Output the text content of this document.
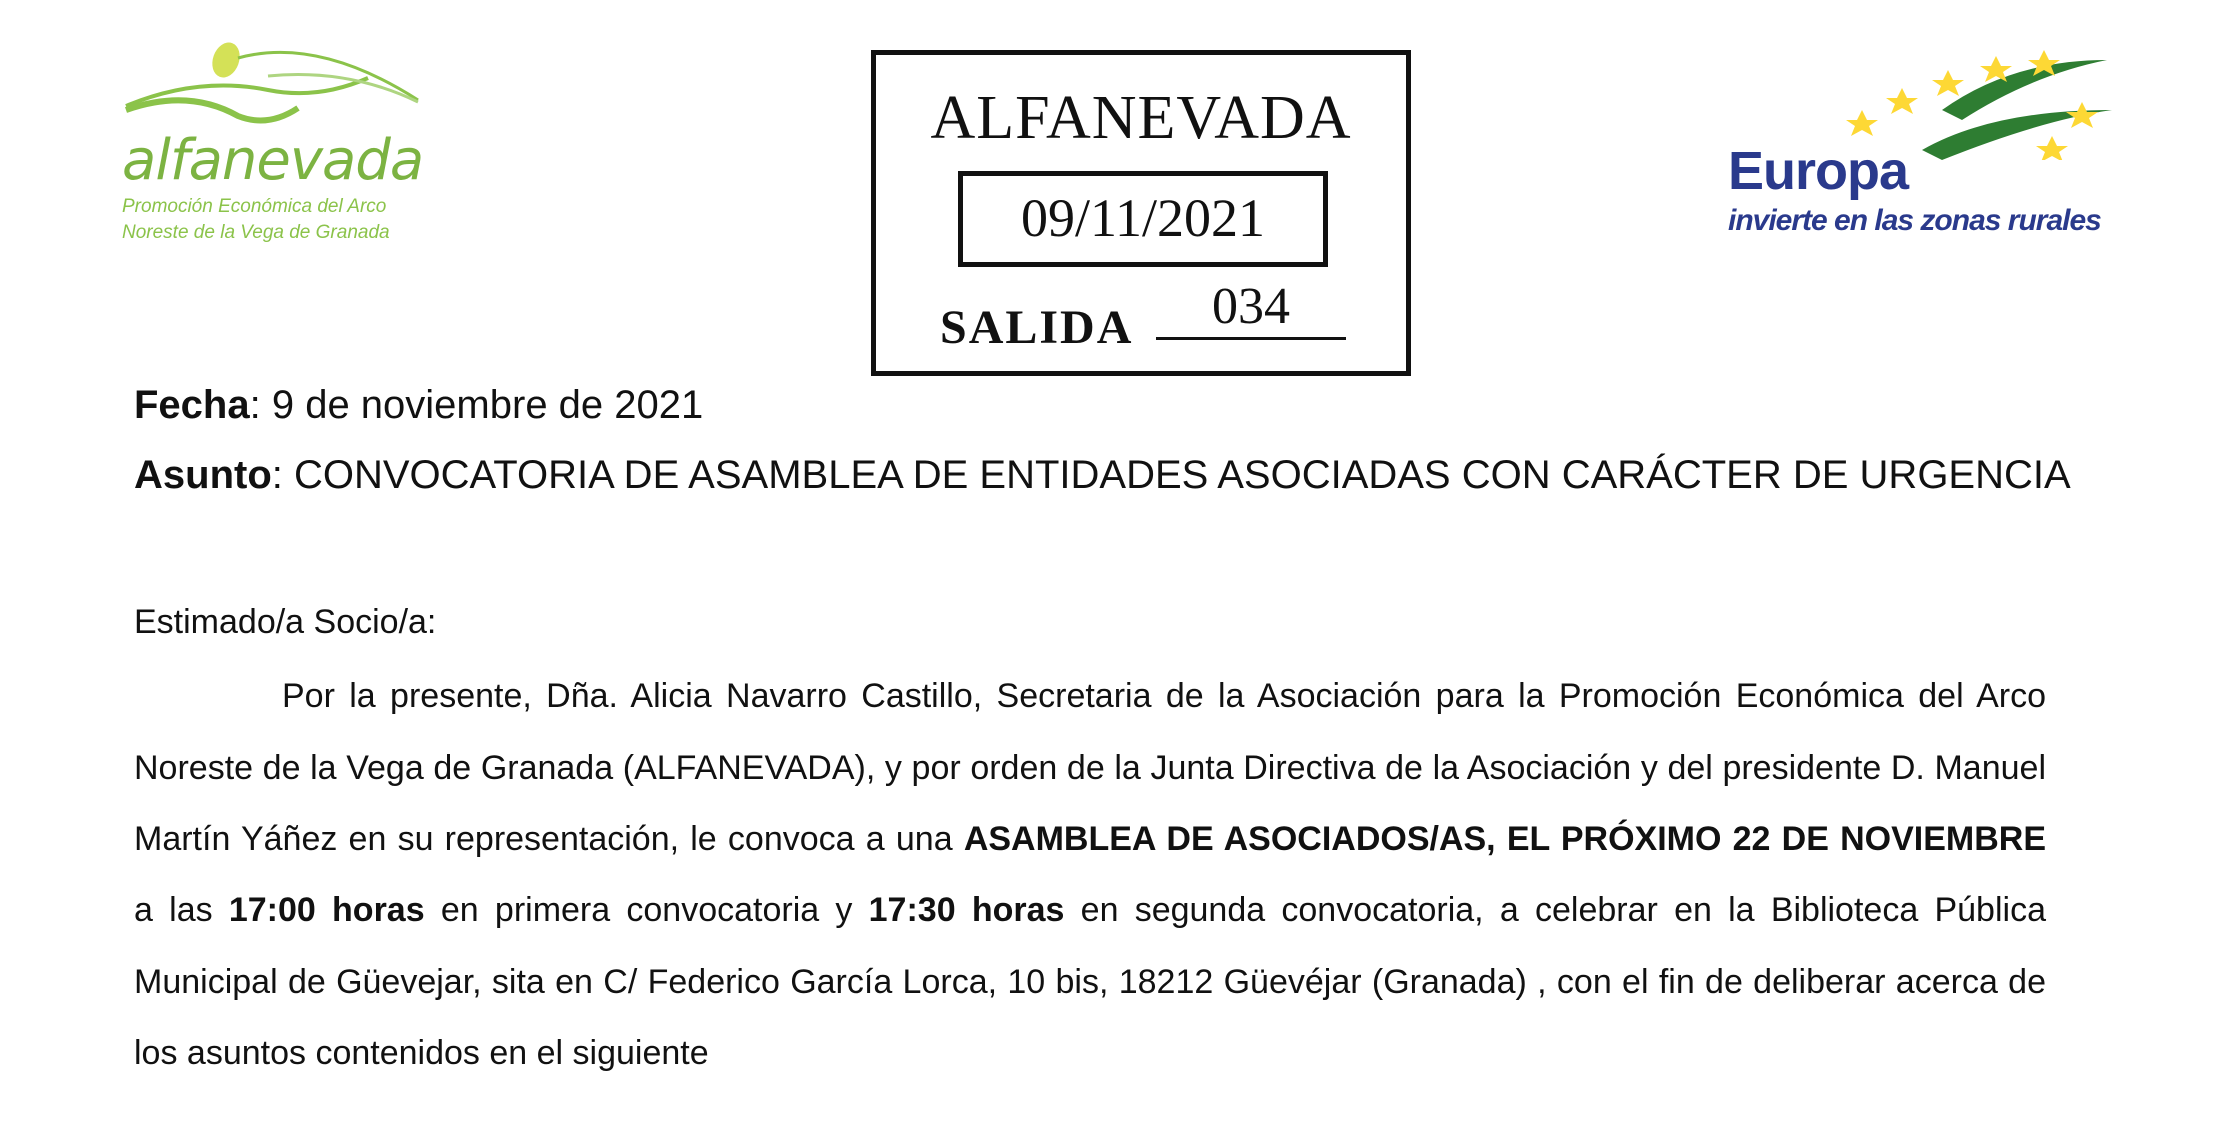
alfanevada
Promoción Económica del Arco
Noreste de la Vega de Granada
ALFANEVADA
09/11/2021
SALIDA	034
Europa
invierte en las zonas rurales
Fecha: 9 de noviembre de 2021
Asunto: CONVOCATORIA DE ASAMBLEA DE ENTIDADES ASOCIADAS CON CARÁCTER DE URGENCIA
Estimado/a Socio/a:
Por la presente, Dña. Alicia Navarro Castillo, Secretaria de la Asociación para la Promoción Económica del Arco
Noreste de la Vega de Granada (ALFANEVADA), y por orden de la Junta Directiva de la Asociación y del presidente D. Manuel
Martín Yáñez en su representación, le convoca a una ASAMBLEA DE ASOCIADOS/AS, EL PRÓXIMO 22 DE NOVIEMBRE
a las 17:00 horas en primera convocatoria y 17:30 horas en segunda convocatoria, a celebrar en la Biblioteca Pública
Municipal de Güevejar, sita en C/ Federico García Lorca, 10 bis, 18212 Güevéjar (Granada) , con el fin de deliberar acerca de
los asuntos contenidos en el siguiente
